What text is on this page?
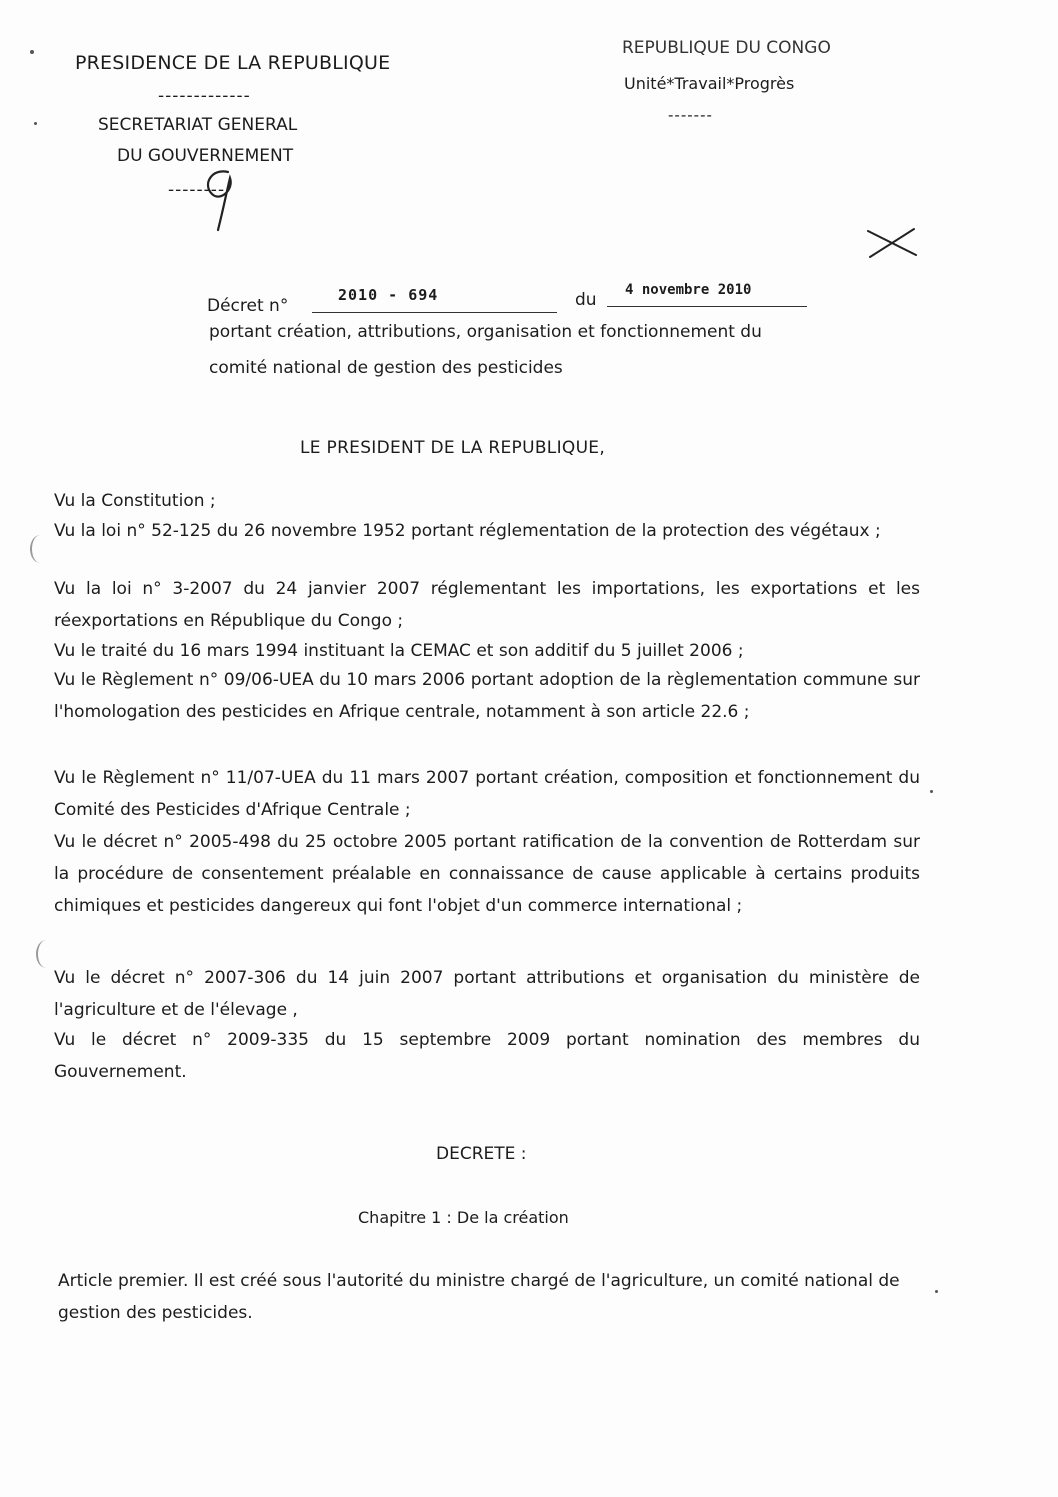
PRESIDENCE DE LA REPUBLIQUE
-------------
SECRETARIAT GENERAL
DU GOUVERNEMENT
--------
REPUBLIQUE DU CONGO
Unité*Travail*Progrès
-------
Décret n°
2010 - 694	du 4 novembre 2010
portant création, attributions, organisation et fonctionnement du
comité national de gestion des pesticides
LE PRESIDENT DE LA REPUBLIQUE,
Vu la Constitution ;
Vu la loi n° 52-125 du 26 novembre 1952 portant réglementation de la protection des végétaux ;
Vu la loi n° 3-2007 du 24 janvier 2007 réglementant les importations, les exportations et les réexportations en République du Congo ;
Vu le traité du 16 mars 1994 instituant la CEMAC et son additif du 5 juillet 2006 ;
Vu le Règlement n° 09/06-UEA du 10 mars 2006 portant adoption de la règlementation commune sur l'homologation des pesticides en Afrique centrale, notamment à son article 22.6 ;
Vu le Règlement n° 11/07-UEA du 11 mars 2007 portant création, composition et fonctionnement du Comité des Pesticides d'Afrique Centrale ;
Vu le décret n° 2005-498 du 25 octobre 2005 portant ratification de la convention de Rotterdam sur la procédure de consentement préalable en connaissance de cause applicable à certains produits chimiques et pesticides dangereux qui font l'objet d'un commerce international ;
Vu le décret n° 2007-306 du 14 juin 2007 portant attributions et organisation du ministère de l'agriculture et de l'élevage ,
Vu le décret n° 2009-335 du 15 septembre 2009 portant nomination des membres du Gouvernement.
DECRETE :
Chapitre 1 : De la création
Article premier. Il est créé sous l'autorité du ministre chargé de l'agriculture, un comité national de gestion des pesticides.
